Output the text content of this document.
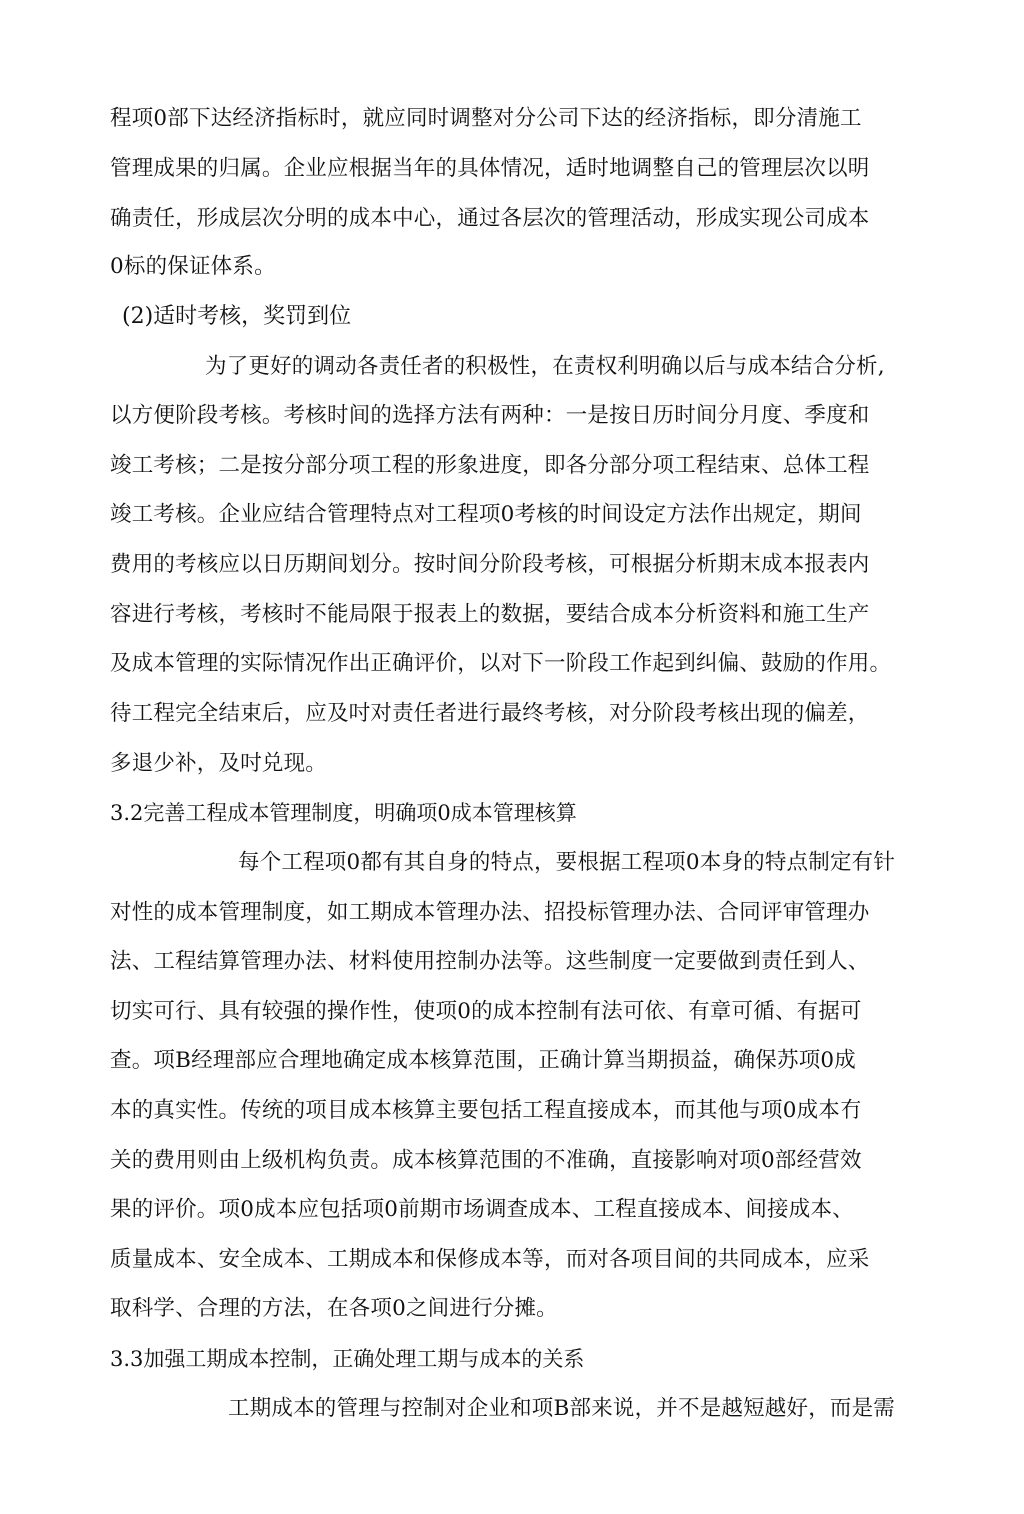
程项0部下达经济指标时，就应同时调整对分公司下达的经济指标，即分清施工
管理成果的归属。企业应根据当年的具体情况，适时地调整自己的管理层次以明
确责任，形成层次分明的成本中心，通过各层次的管理活动，形成实现公司成本
0标的保证体系。
(2)适时考核，奖罚到位
为了更好的调动各责任者的积极性，在责权利明确以后与成本结合分析,
以方便阶段考核。考核时间的选择方法有两种：一是按日历时间分月度、季度和
竣工考核；二是按分部分项工程的形象进度，即各分部分项工程结束、总体工程
竣工考核。企业应结合管理特点对工程项0考核的时间设定方法作出规定，期间
费用的考核应以日历期间划分。按时间分阶段考核，可根据分析期末成本报表内
容进行考核，考核时不能局限于报表上的数据，要结合成本分析资料和施工生产
及成本管理的实际情况作出正确评价，以对下一阶段工作起到纠偏、鼓励的作用。
待工程完全结束后，应及吋对责任者进行最终考核，对分阶段考核出现的偏差，
多退少补，及吋兑现。
3.2完善工程成本管理制度，明确项0成本管理核算
每个工程项0都有其自身的特点，要根据工程项0本身的特点制定有针
对性的成本管理制度，如工期成本管理办法、招投标管理办法、合同评审管理办
法、工程结算管理办法、材料使用控制办法等。这些制度一定要做到责任到人、
切实可行、具有较强的操作性，使项0的成本控制有法可依、有章可循、有据可
查。项B经理部应合理地确定成本核算范围，正确计算当期损益，确保苏项0成
本的真实性。传统的项目成本核算主要包括工程直接成本，而其他与项0成本冇
关的费用则由上级机构负责。成本核算范围的不准确，直接影响对项0部经营效
果的评价。项0成本应包括项0前期市场调查成本、工程直接成本、间接成本、
质量成本、安全成本、工期成本和保修成本等，而对各项目间的共同成本，应采
取科学、合理的方法，在各项0之间进行分摊。
3.3加强工期成本控制，正确处理工期与成本的关系
工期成本的管理与控制对企业和项B部来说，并不是越短越好，而是需
